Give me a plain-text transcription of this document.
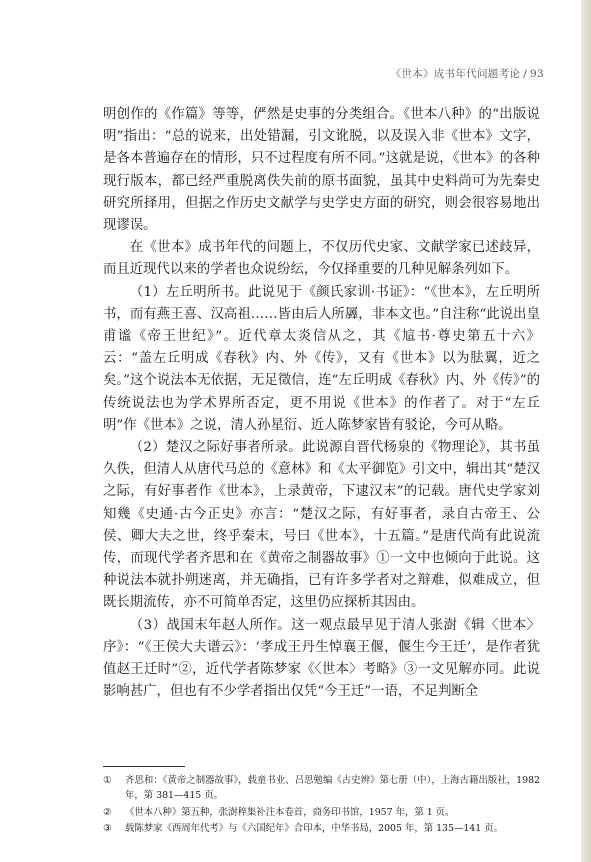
《世本》成书年代问题考论 / 93

明创作的《作篇》等等，俨然是史事的分类组合。《世本八种》的“出版说明”指出：“总的说来，出处错漏，引文讹脱，以及误入非《世本》文字，是各本普遍存在的情形，只不过程度有所不同。”这就是说，《世本》的各种现行版本，都已经严重脱离佚失前的原书面貌，虽其中史料尚可为先秦史研究所择用，但据之作历史文献学与史学史方面的研究，则会很容易地出现谬误。

在《世本》成书年代的问题上，不仅历代史家、文献学家已述歧异，而且近现代以来的学者也众说纷纭，今仅择重要的几种见解条列如下。

（1）左丘明所书。此说见于《颜氏家训·书证》：“《世本》，左丘明所书，而有燕王喜、汉高祖……皆由后人所羼，非本文也。”自注称“此说出皇甫谧《帝王世纪》”。近代章太炎信从之，其《訄书·尊史第五十六》云：“盖左丘明成《春秋》内、外《传》，又有《世本》以为胠翼，近之矣。”这个说法本无依据，无足徵信，连“左丘明成《春秋》内、外《传》”的传统说法也为学术界所否定，更不用说《世本》的作者了。对于“左丘明”作《世本》之说，清人孙星衍、近人陈梦家皆有驳论，今可从略。

（2）楚汉之际好事者所录。此说源自晋代杨泉的《物理论》，其书虽久佚，但清人从唐代马总的《意林》和《太平御览》引文中，辑出其“楚汉之际，有好事者作《世本》，上录黄帝，下逮汉末”的记载。唐代史学家刘知幾《史通·古今正史》亦言：“楚汉之际，有好事者，录自古帝王、公侯、卿大夫之世，终乎秦末，号曰《世本》，十五篇。”是唐代尚有此说流传，而现代学者齐思和在《黄帝之制器故事》①一文中也倾向于此说。这种说法本就扑朔迷离，并无确指，已有许多学者对之辩难，似难成立，但既长期流传，亦不可简单否定，这里仍应探析其因由。

（3）战国末年赵人所作。这一观点最早见于清人张澍《辑〈世本〉序》：“《王侯大夫谱云》：‘孝成王丹生悼襄王偃，偃生今王迁’，是作者犹值赵王迁时”②，近代学者陈梦家《〈世本〉考略》③一文见解亦同。此说影响甚广，但也有不少学者指出仅凭“今王迁”一语，不足判断全

① 齐思和：《黄帝之制器故事》，载童书业、吕思勉编《古史辨》第七册（中），上海古籍出版社，1982 年，第 381—415 页。

② 《世本八种》第五种，张澍稡集补注本卷首，商务印书馆，1957 年，第 1 页。

③ 载陈梦家《西周年代考》与《六国纪年》合印本，中华书局，2005 年，第 135—141 页。
